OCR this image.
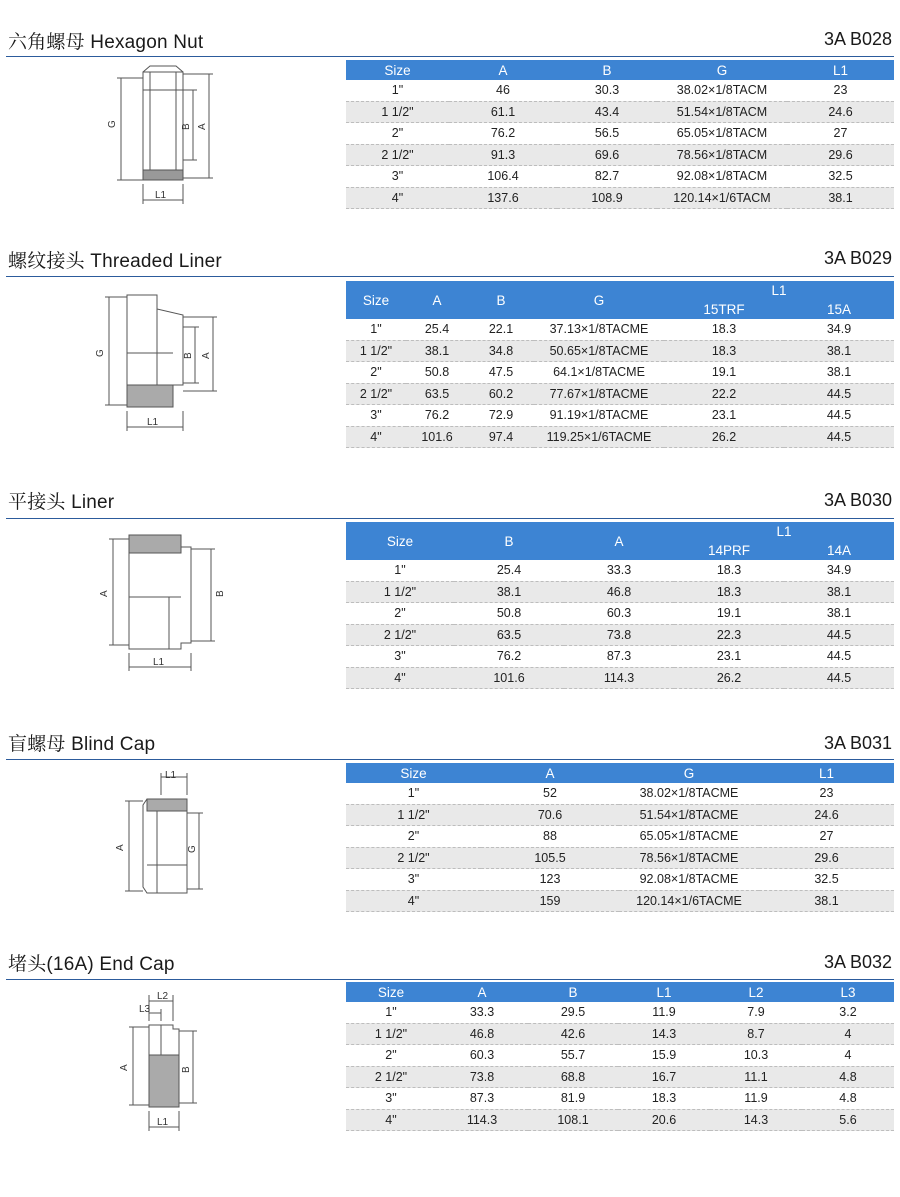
六角螺母 Hexagon Nut	3A B028
G	B A
L1
Size	A	B	G	L1
1"	46	30.3	38.02×1/8TACM	23
1 1/2"	61.1	43.4	51.54×1/8TACM	24.6
2"	76.2	56.5	65.05×1/8TACM	27
2 1/2"	91.3	69.6	78.56×1/8TACM	29.6
3"	106.4	82.7	92.08×1/8TACM	32.5
4"	137.6	108.9	120.14×1/6TACM	38.1
螺纹接头 Threaded Liner	3A B029
G	B A
L1
Size	A	B	G	L1	
				15TRF	15A
1"	25.4	22.1	37.13×1/8TACME	18.3	34.9
1 1/2"	38.1	34.8	50.65×1/8TACME	18.3	38.1
2"	50.8	47.5	64.1×1/8TACME	19.1	38.1
2 1/2"	63.5	60.2	77.67×1/8TACME	22.2	44.5
3"	76.2	72.9	91.19×1/8TACME	23.1	44.5
4"	101.6	97.4	119.25×1/6TACME	26.2	44.5
平接头 Liner	3A B030
A	B
L1
Size	B	A	L1	
			14PRF	14A
1"	25.4	33.3	18.3	34.9
1 1/2"	38.1	46.8	18.3	38.1
2"	50.8	60.3	19.1	38.1
2 1/2"	63.5	73.8	22.3	44.5
3"	76.2	87.3	23.1	44.5
4"	101.6	114.3	26.2	44.5
盲螺母 Blind Cap	3A B031
L1
A	G
Size	A	G	L1
1"	52	38.02×1/8TACME	23
1 1/2"	70.6	51.54×1/8TACME	24.6
2"	88	65.05×1/8TACME	27
2 1/2"	105.5	78.56×1/8TACME	29.6
3"	123	92.08×1/8TACME	32.5
4"	159	120.14×1/6TACME	38.1
堵头(16A) End Cap	3A B032
L3
L2
A	B
L1
Size	A	B	L1	L2	L3
1"	33.3	29.5	11.9	7.9	3.2
1 1/2"	46.8	42.6	14.3	8.7	4
2"	60.3	55.7	15.9	10.3	4
2 1/2"	73.8	68.8	16.7	11.1	4.8
3"	87.3	81.9	18.3	11.9	4.8
4"	114.3	108.1	20.6	14.3	5.6
